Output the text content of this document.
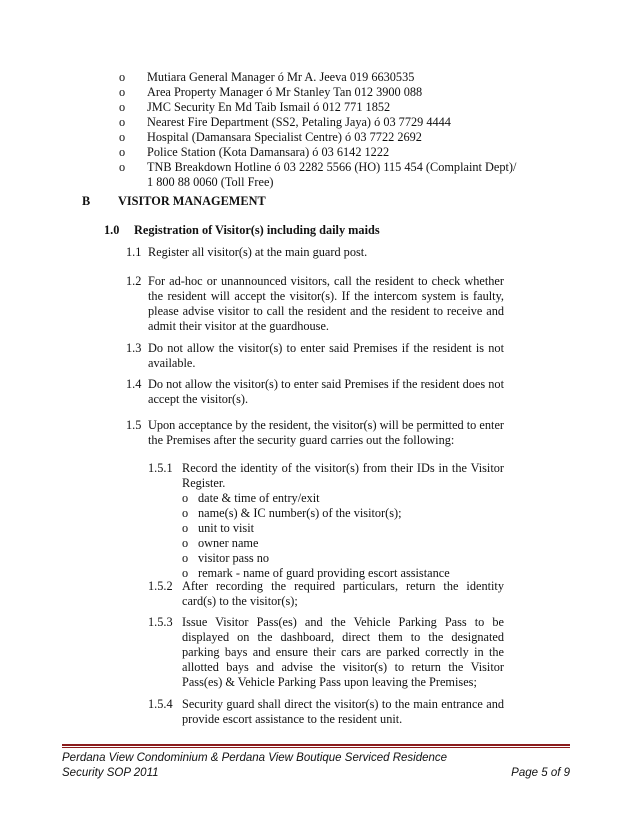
o	Mutiara General Manager ó Mr A. Jeeva 019 6630535
o	Area Property Manager ó Mr Stanley Tan 012 3900 088
o	JMC Security En Md Taib Ismail ó 012 771 1852
o	Nearest Fire Department (SS2, Petaling Jaya) ó 03 7729 4444
o	Hospital (Damansara Specialist Centre) ó 03 7722 2692
o	Police Station (Kota Damansara) ó 03 6142 1222
o	TNB Breakdown Hotline ó 03 2282 5566 (HO) 115 454 (Complaint Dept)/ 1 800 88 0060 (Toll Free)
B VISITOR MANAGEMENT
1.0 Registration of Visitor(s) including daily maids
1.1 Register all visitor(s) at the main guard post.
1.2 For ad-hoc or unannounced visitors, call the resident to check whether the resident will accept the visitor(s). If the intercom system is faulty, please advise visitor to call the resident and the resident to receive and admit their visitor at the guardhouse.
1.3 Do not allow the visitor(s) to enter said Premises if the resident is not available.
1.4 Do not allow the visitor(s) to enter said Premises if the resident does not accept the visitor(s).
1.5 Upon acceptance by the resident, the visitor(s) will be permitted to enter the Premises after the security guard carries out the following:
1.5.1 Record the identity of the visitor(s) from their IDs in the Visitor Register.
o date & time of entry/exit
o name(s) & IC number(s) of the visitor(s);
o unit to visit
o owner name
o visitor pass no
o remark - name of guard providing escort assistance
1.5.2 After recording the required particulars, return the identity card(s) to the visitor(s);
1.5.3 Issue Visitor Pass(es) and the Vehicle Parking Pass to be displayed on the dashboard, direct them to the designated parking bays and ensure their cars are parked correctly in the allotted bays and advise the visitor(s) to return the Visitor Pass(es) & Vehicle Parking Pass upon leaving the Premises;
1.5.4 Security guard shall direct the visitor(s) to the main entrance and provide escort assistance to the resident unit.
Perdana View Condominium & Perdana View Boutique Serviced Residence
Security SOP 2011	Page 5 of 9
